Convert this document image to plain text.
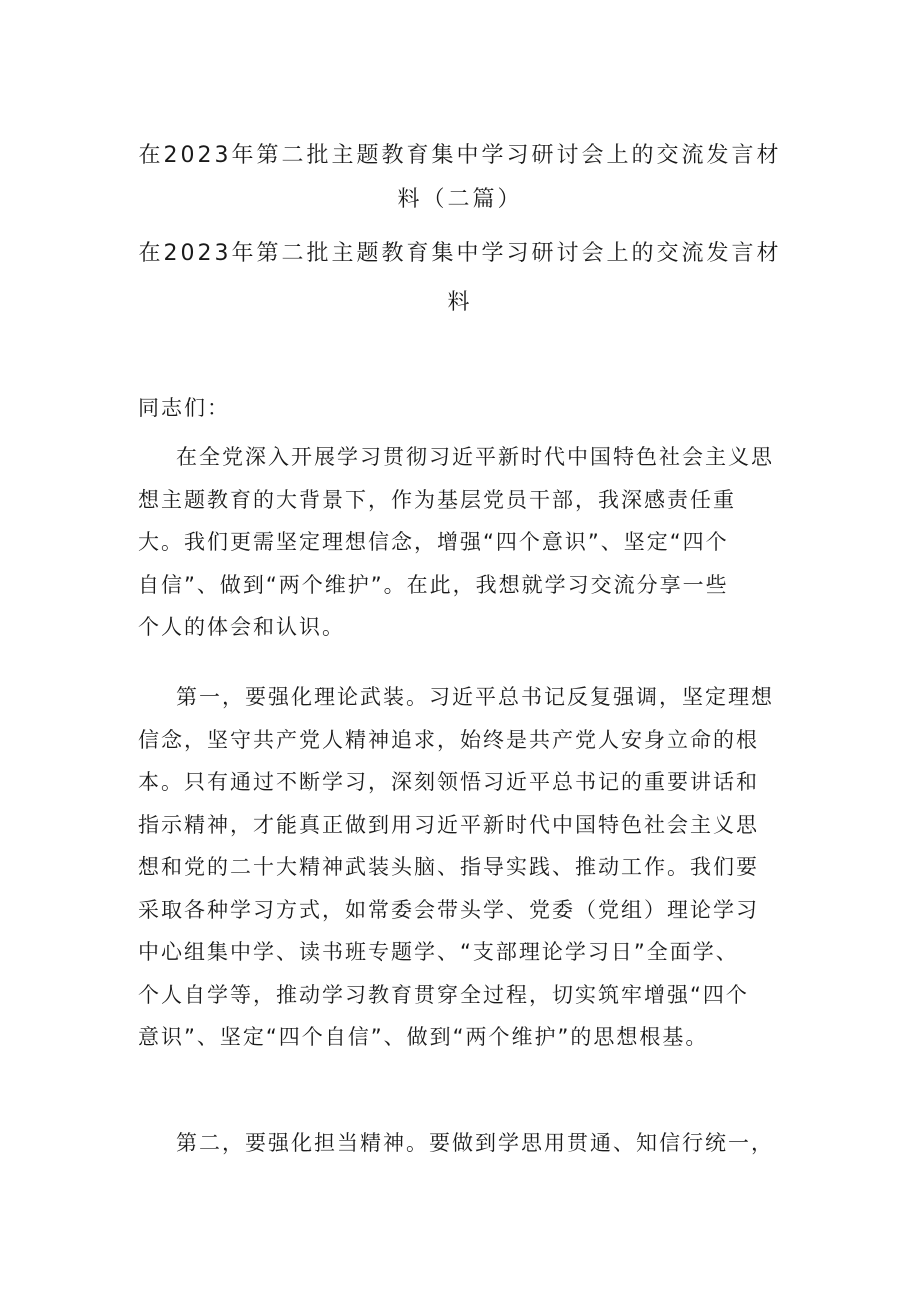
在2023年第二批主题教育集中学习研讨会上的交流发言材
料（二篇）
在2023年第二批主题教育集中学习研讨会上的交流发言材
料
同志们：
在全党深入开展学习贯彻习近平新时代中国特色社会主义思
想主题教育的大背景下，作为基层党员干部，我深感责任重
大。我们更需坚定理想信念，增强“四个意识”、坚定“四个
自信”、做到“两个维护”。在此，我想就学习交流分享一些
个人的体会和认识。
第一，要强化理论武装。习近平总书记反复强调，坚定理想
信念，坚守共产党人精神追求，始终是共产党人安身立命的根
本。只有通过不断学习，深刻领悟习近平总书记的重要讲话和
指示精神，才能真正做到用习近平新时代中国特色社会主义思
想和党的二十大精神武装头脑、指导实践、推动工作。我们要
采取各种学习方式，如常委会带头学、党委（党组）理论学习
中心组集中学、读书班专题学、“支部理论学习日”全面学、
个人自学等，推动学习教育贯穿全过程，切实筑牢增强“四个
意识”、坚定“四个自信”、做到“两个维护”的思想根基。
第二，要强化担当精神。要做到学思用贯通、知信行统一，
